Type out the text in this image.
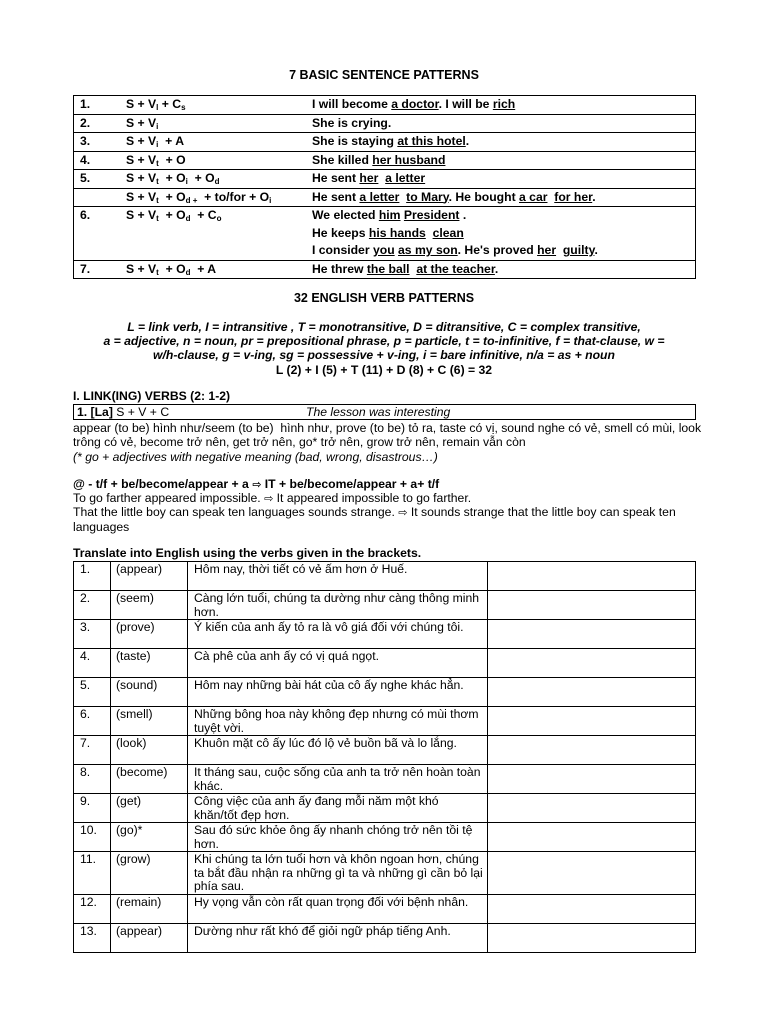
7 BASIC SENTENCE PATTERNS
1.	$S + V_l + C_s$	I will become a doctor. I will be rich
2.	$S + V_i$	She is crying.
3.	$S + V_i + A$	She is staying at this hotel.
4.	$S + V_t + O$	She killed her husband
5.	$S + V_t + O_i + O_d$	He sent her a letter
	$S + V_t + O_{d +} + to/for + O_i$	He sent a letter to Mary. He bought a car for her.
6.	$S + V_t + O_d + C_o$	We elected him President .
He keeps his hands clean
I consider you as my son. He's proved her guilty.
7.	$S + V_t + O_d + A$	He threw the ball at the teacher.
32 ENGLISH VERB PATTERNS
L = link verb, I = intransitive , T = monotransitive, D = ditransitive, C = complex transitive,
a = adjective, n = noun, pr = prepositional phrase, p = particle, t = to-infinitive, f = that-clause, w =
w/h-clause, g = v-ing, sg = possessive + v-ing, i = bare infinitive, n/a = as + noun
L (2) + I (5) + T (11) + D (8) + C (6) = 32
I. LINK(ING) VERBS (2: 1-2)
1. [La] S + V + C	The lesson was interesting
appear (to be) hình như/seem (to be)  hình như, prove (to be) tỏ ra, taste có vị, sound nghe có vẻ, smell có mùi, look trông có vẻ, become trở nên, get trở nên, go* trở nên, grow trở nên, remain vẫn còn
(* go + adjectives with negative meaning (bad, wrong, disastrous…)
@ - t/f + be/become/appear + a ⇨ IT + be/become/appear + a+ t/f
To go farther appeared impossible. ⇨ It appeared impossible to go farther.
That the little boy can speak ten languages sounds strange. ⇨ It sounds strange that the little boy can speak ten languages
Translate into English using the verbs given in the brackets.
1.	(appear)	Hôm nay, thời tiết có vẻ ấm hơn ở Huế.	
2.	(seem)	Càng lớn tuổi, chúng ta dường như càng thông minh hơn.	
3.	(prove)	Ý kiến của anh ấy tỏ ra là vô giá đối với chúng tôi.	
4.	(taste)	Cà phê của anh ấy có vị quá ngọt.	
5.	(sound)	Hôm nay những bài hát của cô ấy nghe khác hẳn.	
6.	(smell)	Những bông hoa này không đẹp nhưng có mùi thơm tuyệt vời.	
7.	(look)	Khuôn mặt cô ấy lúc đó lộ vẻ buồn bã và lo lắng.	
8.	(become)	It tháng sau, cuộc sống của anh ta trở nên hoàn toàn khác.	
9.	(get)	Công việc của anh ấy đang mỗi năm một khó khăn/tốt đẹp hơn.	
10.	(go)*	Sau đó sức khỏe ông ấy nhanh chóng trở nên tồi tệ hơn.	
11.	(grow)	Khi chúng ta lớn tuổi hơn và khôn ngoan hơn, chúng ta bắt đầu nhận ra những gì ta và những gì cần bỏ lại phía sau.	
12.	(remain)	Hy vọng vẫn còn rất quan trọng đối với bệnh nhân.	
13.	(appear)	Dường như rất khó để giỏi ngữ pháp tiếng Anh.	
